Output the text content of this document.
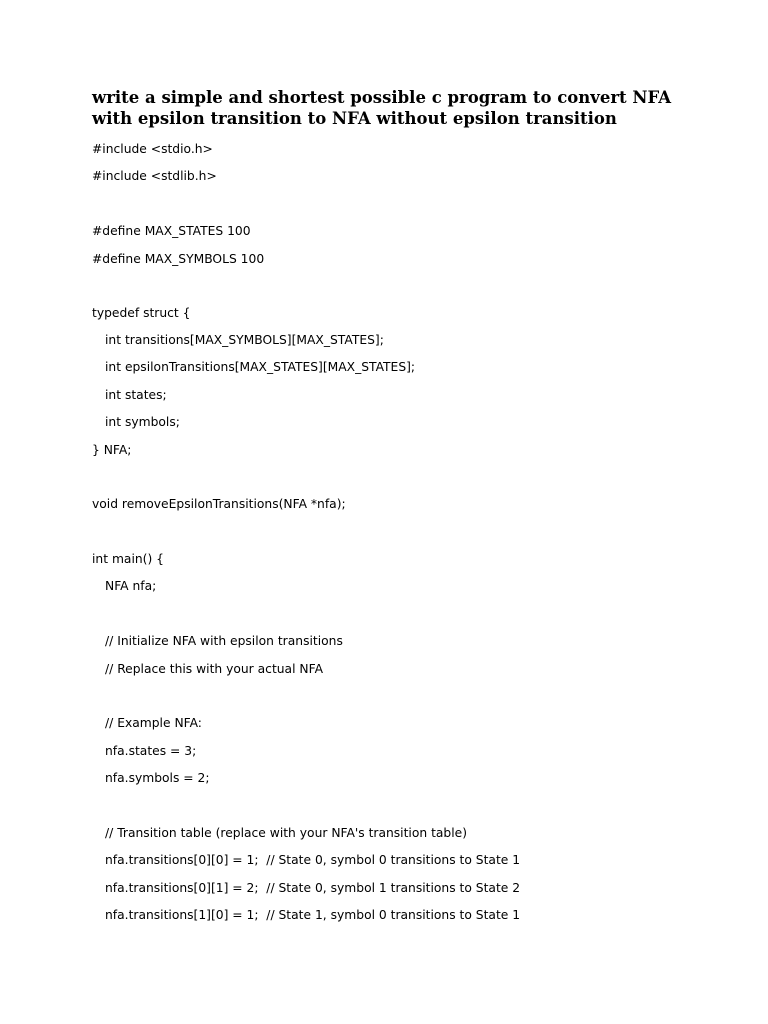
write a simple and shortest possible c program to convert NFA with epsilon transition to NFA without epsilon transition

#include <stdio.h>

#include <stdlib.h>

#define MAX_STATES 100

#define MAX_SYMBOLS 100

typedef struct {

int transitions[MAX_SYMBOLS][MAX_STATES];

int epsilonTransitions[MAX_STATES][MAX_STATES];

int states;

int symbols;

} NFA;

void removeEpsilonTransitions(NFA *nfa);

int main() {

NFA nfa;

// Initialize NFA with epsilon transitions

// Replace this with your actual NFA

// Example NFA:

nfa.states = 3;

nfa.symbols = 2;

// Transition table (replace with your NFA's transition table)

nfa.transitions[0][0] = 1;  // State 0, symbol 0 transitions to State 1

nfa.transitions[0][1] = 2;  // State 0, symbol 1 transitions to State 2

nfa.transitions[1][0] = 1;  // State 1, symbol 0 transitions to State 1
